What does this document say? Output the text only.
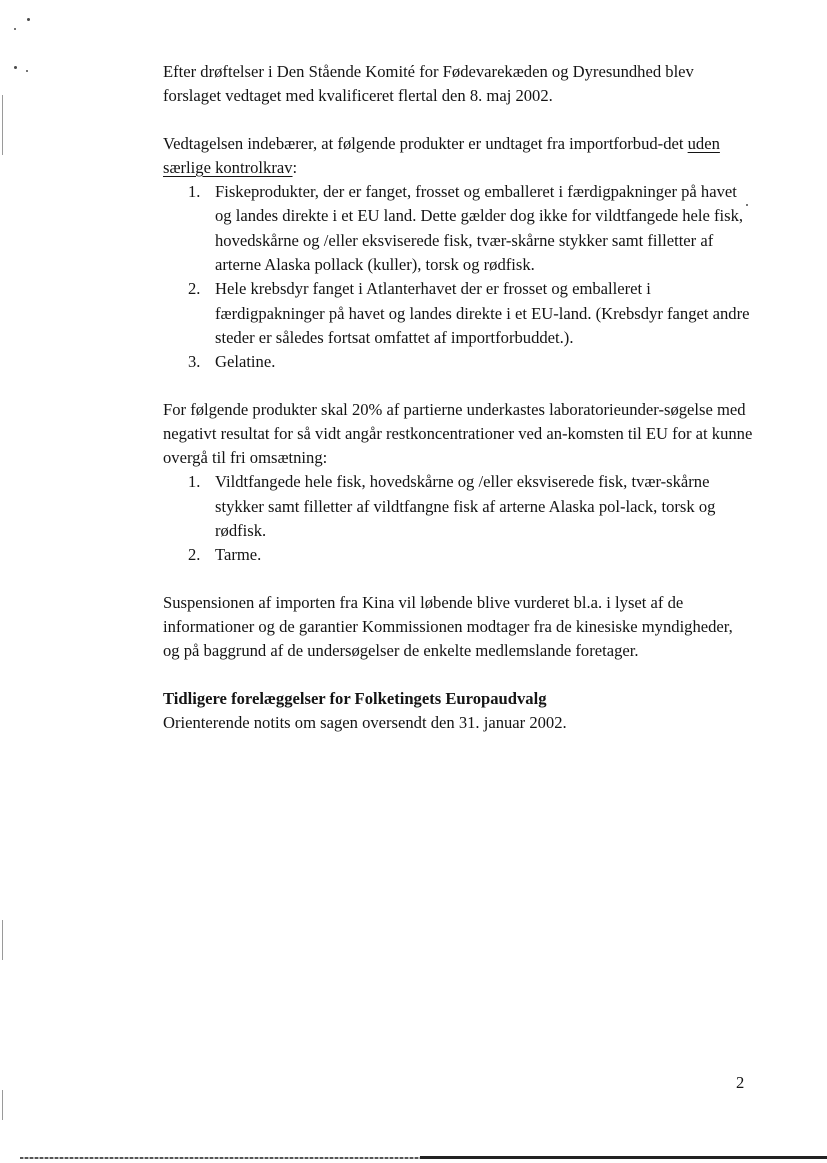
Efter drøftelser i Den Stående Komité for Fødevarekæden og Dyresundhed blev forslaget vedtaget med kvalificeret flertal den 8. maj 2002.

Vedtagelsen indebærer, at følgende produkter er undtaget fra importforbud-det uden særlige kontrolkrav:

1. Fiskeprodukter, der er fanget, frosset og emballeret i færdigpakninger på havet og landes direkte i et EU land. Dette gælder dog ikke for vildtfangede hele fisk, hovedskårne og /eller eksviserede fisk, tvær-skårne stykker samt filletter af arterne Alaska pollack (kuller), torsk og rødfisk.
2. Hele krebsdyr fanget i Atlanterhavet der er frosset og emballeret i færdigpakninger på havet og landes direkte i et EU-land. (Krebsdyr fanget andre steder er således fortsat omfattet af importforbuddet.).
3. Gelatine.

For følgende produkter skal 20% af partierne underkastes laboratorieunder-søgelse med negativt resultat for så vidt angår restkoncentrationer ved an-komsten til EU for at kunne overgå til fri omsætning:

1. Vildtfangede hele fisk, hovedskårne og /eller eksviserede fisk, tvær-skårne stykker samt filletter af vildtfangne fisk af arterne Alaska pol-lack, torsk og rødfisk.
2. Tarme.

Suspensionen af importen fra Kina vil løbende blive vurderet bl.a. i lyset af de informationer og de garantier Kommissionen modtager fra de kinesiske myndigheder, og på baggrund af de undersøgelser de enkelte medlemslande foretager.

Tidligere forelæggelser for Folketingets Europaudvalg

Orienterende notits om sagen oversendt den 31. januar 2002.

2
